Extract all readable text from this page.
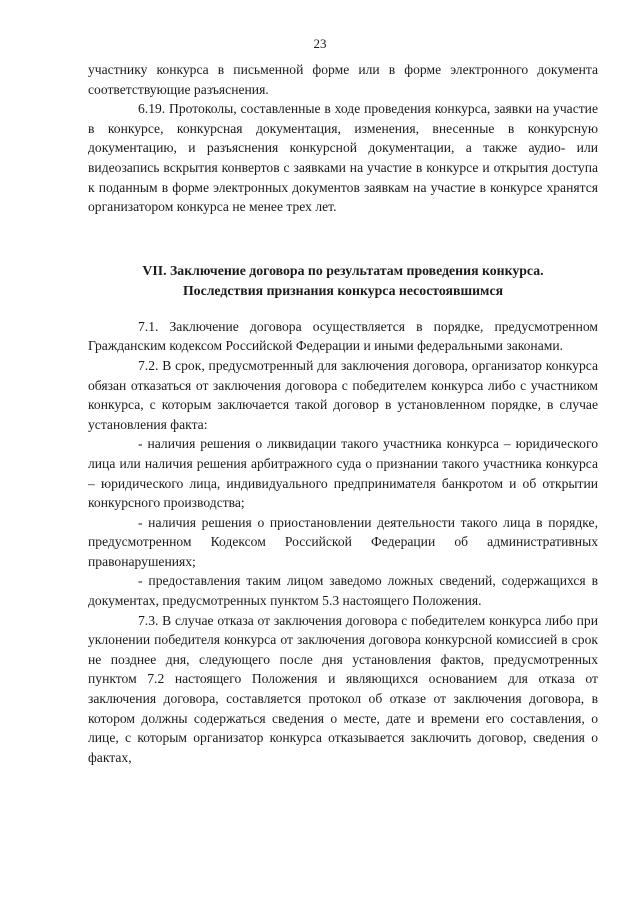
23

участнику конкурса в письменной форме или в форме электронного документа соответствующие разъяснения.

6.19. Протоколы, составленные в ходе проведения конкурса, заявки на участие в конкурсе, конкурсная документация, изменения, внесенные в конкурсную документацию, и разъяснения конкурсной документации, а также аудио- или видеозапись вскрытия конвертов с заявками на участие в конкурсе и открытия доступа к поданным в форме электронных документов заявкам на участие в конкурсе хранятся организатором конкурса не менее трех лет.

VII. Заключение договора по результатам проведения конкурса.
Последствия признания конкурса несостоявшимся

7.1. Заключение договора осуществляется в порядке, предусмотренном Гражданским кодексом Российской Федерации и иными федеральными законами.

7.2. В срок, предусмотренный для заключения договора, организатор конкурса обязан отказаться от заключения договора с победителем конкурса либо с участником конкурса, с которым заключается такой договор в установленном порядке, в случае установления факта:

- наличия решения о ликвидации такого участника конкурса – юридического лица или наличия решения арбитражного суда о признании такого участника конкурса – юридического лица, индивидуального предпринимателя банкротом и об открытии конкурсного производства;

- наличия решения о приостановлении деятельности такого лица в порядке, предусмотренном Кодексом Российской Федерации об административных правонарушениях;

- предоставления таким лицом заведомо ложных сведений, содержащихся в документах, предусмотренных пунктом 5.3 настоящего Положения.

7.3. В случае отказа от заключения договора с победителем конкурса либо при уклонении победителя конкурса от заключения договора конкурсной комиссией в срок не позднее дня, следующего после дня установления фактов, предусмотренных пунктом 7.2 настоящего Положения и являющихся основанием для отказа от заключения договора, составляется протокол об отказе от заключения договора, в котором должны содержаться сведения о месте, дате и времени его составления, о лице, с которым организатор конкурса отказывается заключить договор, сведения о фактах,
